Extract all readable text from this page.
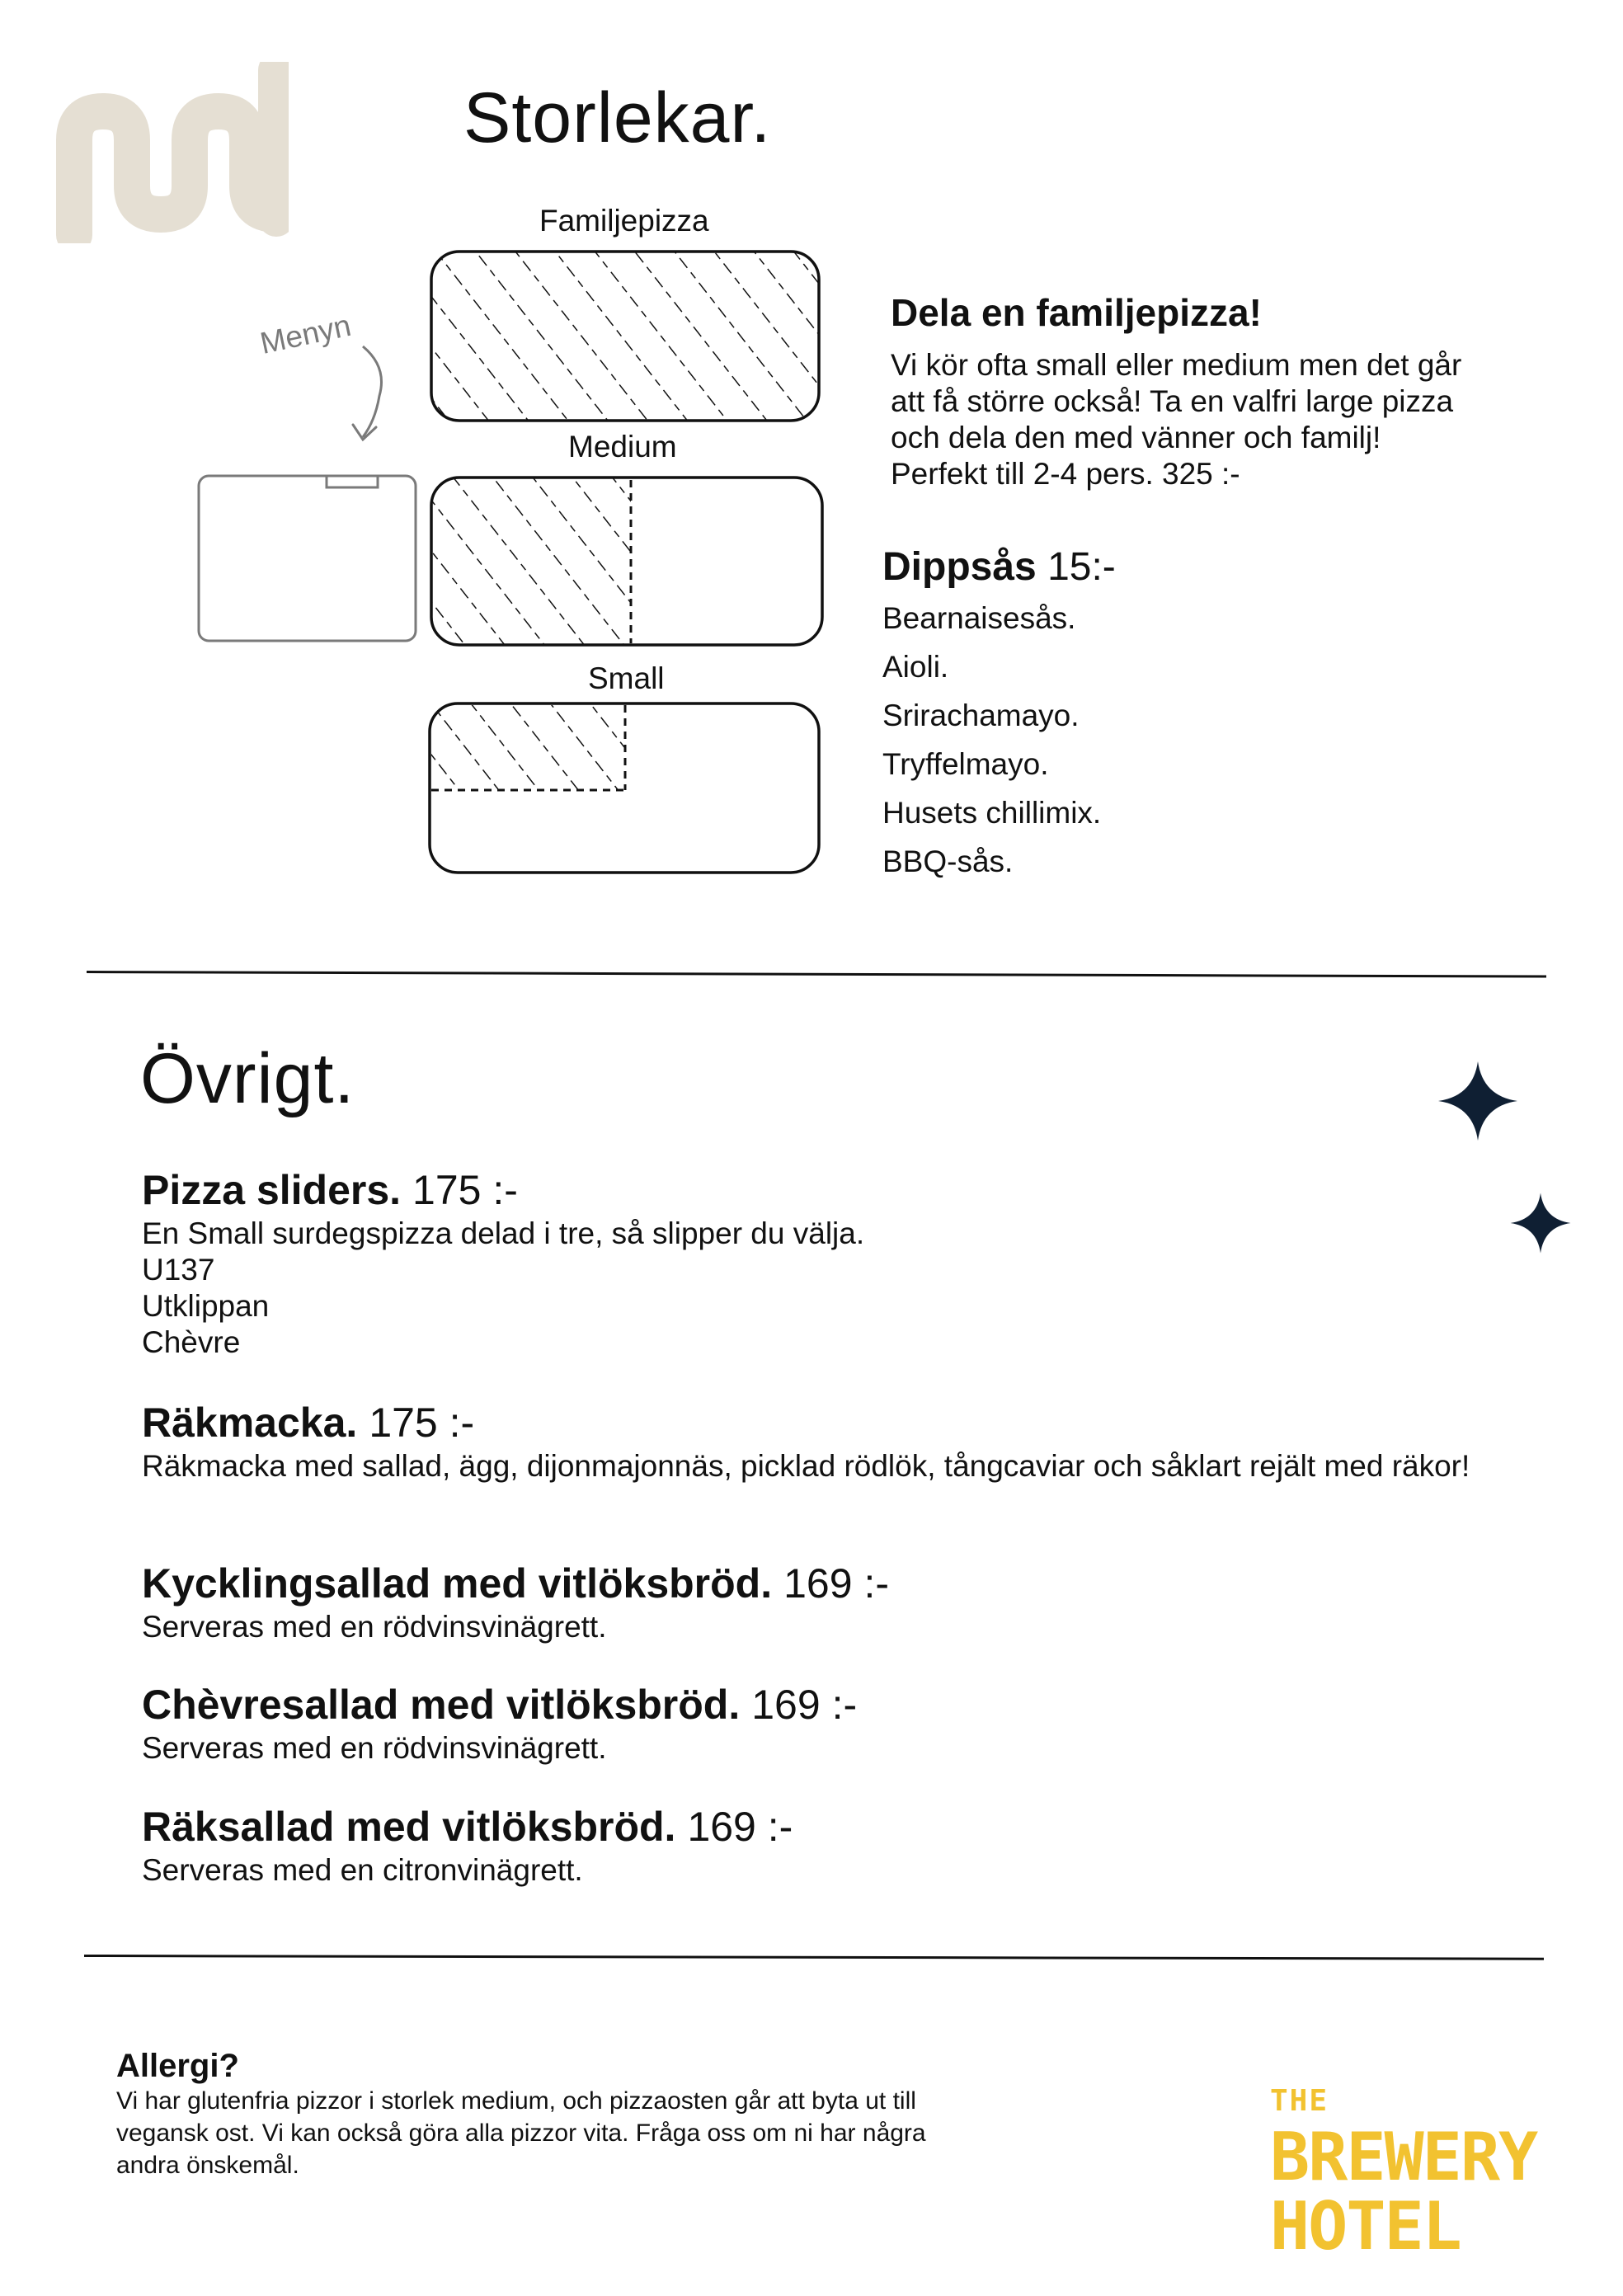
Storlekar.
Familjepizza
Medium
Small
Menyn	Dela en familjepizza!
Vi kör ofta small eller medium men det går att få större också! Ta en valfri large pizza och dela den med vänner och familj! Perfekt till 2-4 pers. 325 :-
Dippsås 15:-
Bearnaisesås.
Aioli.
Srirachamayo.
Tryffelmayo.
Husets chillimix.
BBQ-sås.
Övrigt.
Pizza sliders. 175 :-
En Small surdegspizza delad i tre, så slipper du välja.
U137
Utklippan
Chèvre
Räkmacka. 175 :-
Räkmacka med sallad, ägg, dijonmajonnäs, picklad rödlök, tångcaviar och såklart rejält med räkor!
Kycklingsallad med vitlöksbröd. 169 :-
Serveras med en rödvinsvinägrett.
Chèvresallad med vitlöksbröd. 169 :-
Serveras med en rödvinsvinägrett.
Räksallad med vitlöksbröd. 169 :-
Serveras med en citronvinägrett.
Allergi?
Vi har glutenfria pizzor i storlek medium, och pizzaosten går att byta ut till vegansk ost. Vi kan också göra alla pizzor vita. Fråga oss om ni har några andra önskemål.
THE
BREWERY
HOTEL
